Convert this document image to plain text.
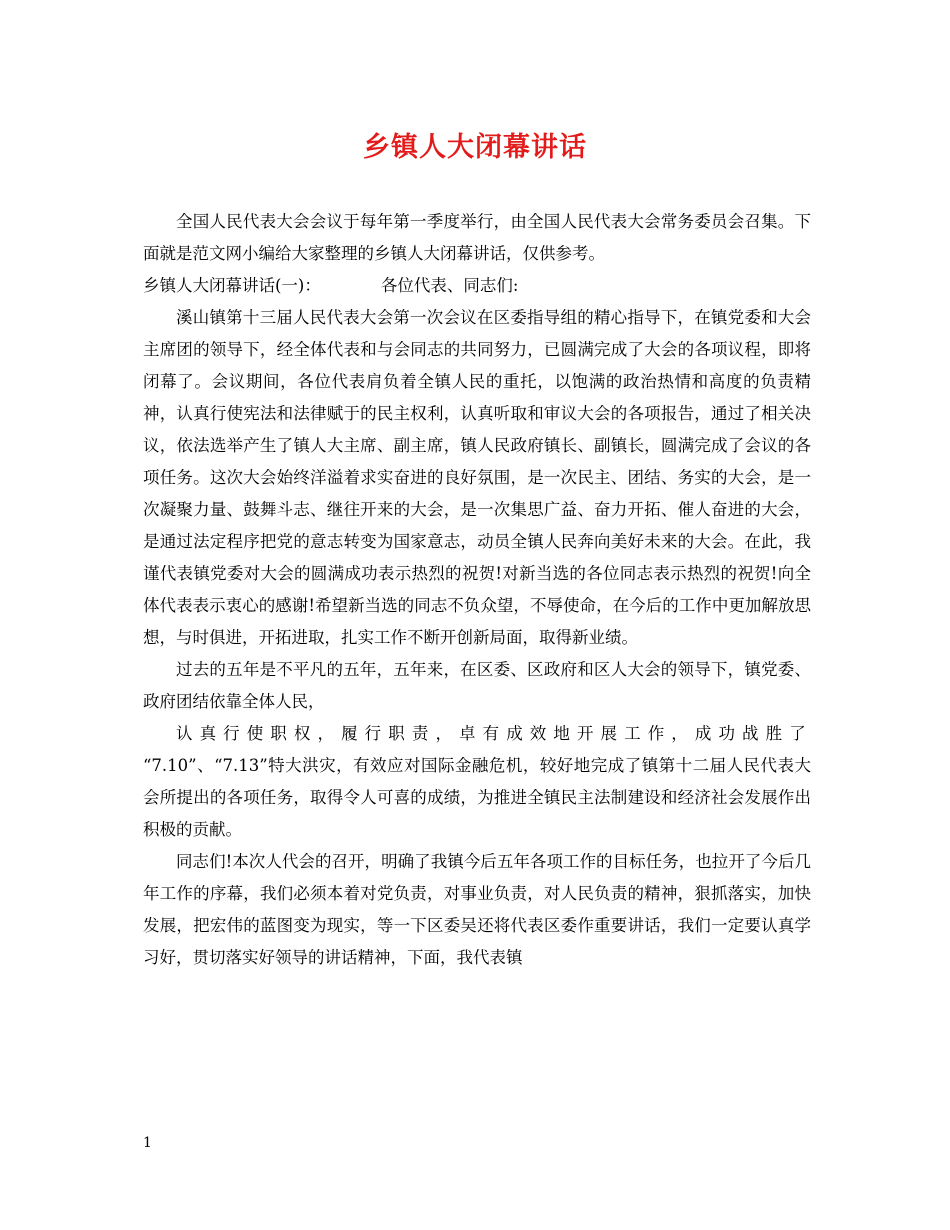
乡镇人大闭幕讲话

全国人民代表大会会议于每年第一季度举行，由全国人民代表大会常务委员会召集。下面就是范文网小编给大家整理的乡镇人大闭幕讲话，仅供参考。

乡镇人大闭幕讲话(一)：	各位代表、同志们:

溪山镇第十三届人民代表大会第一次会议在区委指导组的精心指导下，在镇党委和大会主席团的领导下，经全体代表和与会同志的共同努力，已圆满完成了大会的各项议程，即将闭幕了。会议期间，各位代表肩负着全镇人民的重托，以饱满的政治热情和高度的负责精神，认真行使宪法和法律赋于的民主权利，认真听取和审议大会的各项报告，通过了相关决议，依法选举产生了镇人大主席、副主席，镇人民政府镇长、副镇长，圆满完成了会议的各项任务。这次大会始终洋溢着求实奋进的良好氛围，是一次民主、团结、务实的大会，是一次凝聚力量、鼓舞斗志、继往开来的大会，是一次集思广益、奋力开拓、催人奋进的大会，是通过法定程序把党的意志转变为国家意志，动员全镇人民奔向美好未来的大会。在此，我谨代表镇党委对大会的圆满成功表示热烈的祝贺!对新当选的各位同志表示热烈的祝贺!向全体代表表示衷心的感谢!希望新当选的同志不负众望，不辱使命，在今后的工作中更加解放思想，与时俱进，开拓进取，扎实工作不断开创新局面，取得新业绩。

过去的五年是不平凡的五年，五年来，在区委、区政府和区人大会的领导下，镇党委、政府团结依靠全体人民，

认真行使职权，履行职责，卓有成效地开展工作，成功战胜了

“7.10”、“7.13”特大洪灾，有效应对国际金融危机，较好地完成了镇第十二届人民代表大会所提出的各项任务，取得令人可喜的成绩，为推进全镇民主法制建设和经济社会发展作出积极的贡献。

同志们!本次人代会的召开，明确了我镇今后五年各项工作的目标任务，也拉开了今后几年工作的序幕，我们必须本着对党负责，对事业负责，对人民负责的精神，狠抓落实，加快发展，把宏伟的蓝图变为现实，等一下区委吴还将代表区委作重要讲话，我们一定要认真学习好，贯切落实好领导的讲话精神，下面，我代表镇

1
